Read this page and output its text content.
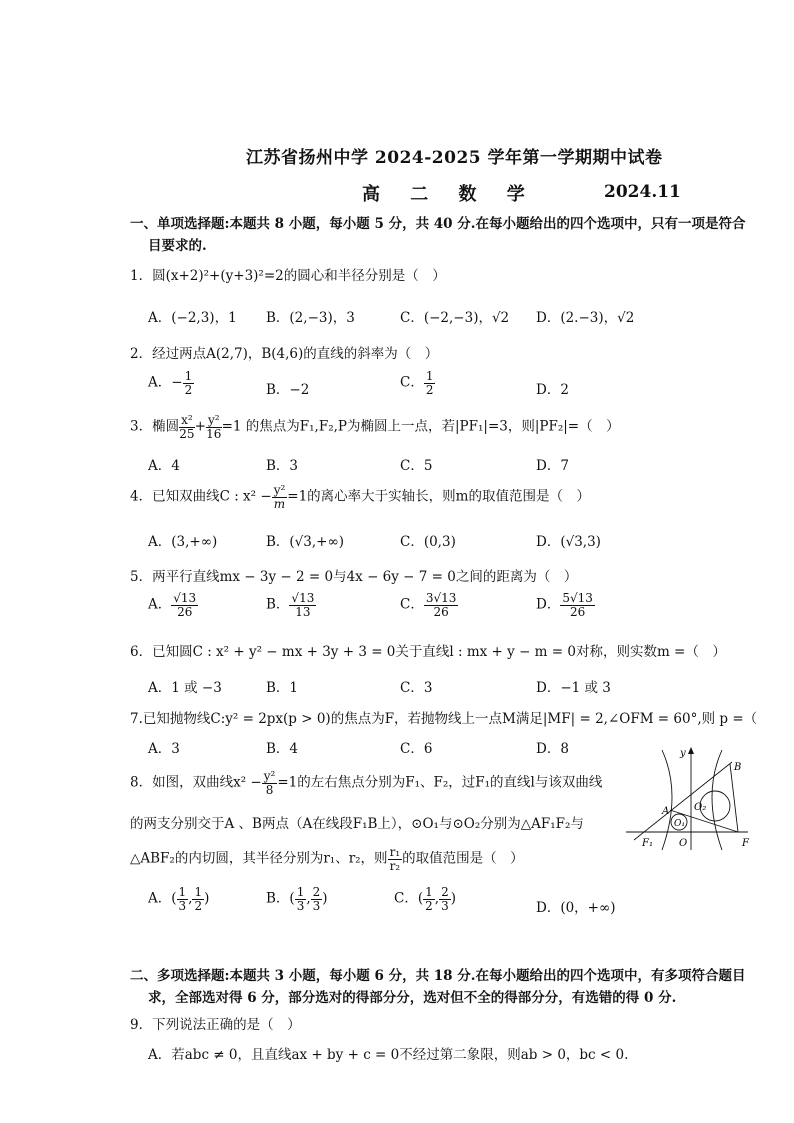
江苏省扬州中学 2024-2025 学年第一学期期中试卷
高 二 数 学	2024.11
一、单项选择题:本题共 8 小题，每小题 5 分，共 40 分.在每小题给出的四个选项中，只有一项是符合
目要求的.
1．圆(x+2)²+(y+3)²=2的圆心和半径分别是（　）
A．(−2,3)，1 B．(2,−3)，3	C．(−2,−3)，√2 D．(2.−3)，√2
2．经过两点A(2,7)，B(4,6)的直线的斜率为（　）
A．− $\frac{1}{2}$	B．−2	C． $\frac{1}{2}$	D．2
3．椭圆 $\frac{\text{x²}}{25} + \frac{\text{y²}}{16} =1$ 的焦点为F₁,F₂,P为椭圆上一点，若|PF₁|=3，则|PF₂|=（　）
A．4	B．3	C．5	D．7
4．已知双曲线C : $x^2 - \frac{\text{y²}}{m} =1$的离心率大于实轴长，则m的取值范围是（　）
A．(3,+∞)	B．(√3,+∞)	C．(0,3)	D．(√3,3)
5．两平行直线mx − 3y − 2 = 0与4x − 6y − 7 = 0之间的距离为（　）
A． $\frac{√13}{26}$	B． $\frac{√13}{13}$	C． $\frac{3√13}{26}$	D． $\frac{5√13}{26}$
6．已知圆C : x² + y² − mx + 3y + 3 = 0关于直线l : mx + y − m = 0对称，则实数m =（　）
A．1 或 −3	B．1	C．3	D．−1 或 3
7.已知抛物线C:y² = 2px(p > 0)的焦点为F，若抛物线上一点M满足|MF| = 2,∠OFM = 60°,则 p =（
A．3	B．4	C．6	D．8
8．如图，双曲线$x^2 - \frac{\text{y²}}{8} =1$的左右焦点分别为F₁、F₂，过F₁的直线l与该双曲线
的两支分别交于A 、B两点（A在线段F₁B上），⊙O₁与⊙O₂分别为△AF₁F₂与
△ABF₂的内切圆，其半径分别为r₁、r₂，则 $\frac{\text{r₁}}{\text{r₂}}$ 的取值范围是（　）
A．( $\frac{1}{3}$ , $\frac{1}{2}$ )	B．( $\frac{1}{3}$ , $\frac{2}{3}$ )	C．( $\frac{1}{2}$ , $\frac{2}{3}$ )
D．(0，+∞)
y
B
A O₂
O₁
F₁	O	F
二、多项选择题:本题共 3 小题，每小题 6 分，共 18 分.在每小题给出的四个选项中，有多项符合题目
求，全部选对得 6 分，部分选对的得部分分，选对但不全的得部分分，有选错的得 0 分.
9．下列说法正确的是（　）
A．若abc ≠ 0，且直线ax + by + c = 0不经过第二象限，则ab > 0，bc < 0.
